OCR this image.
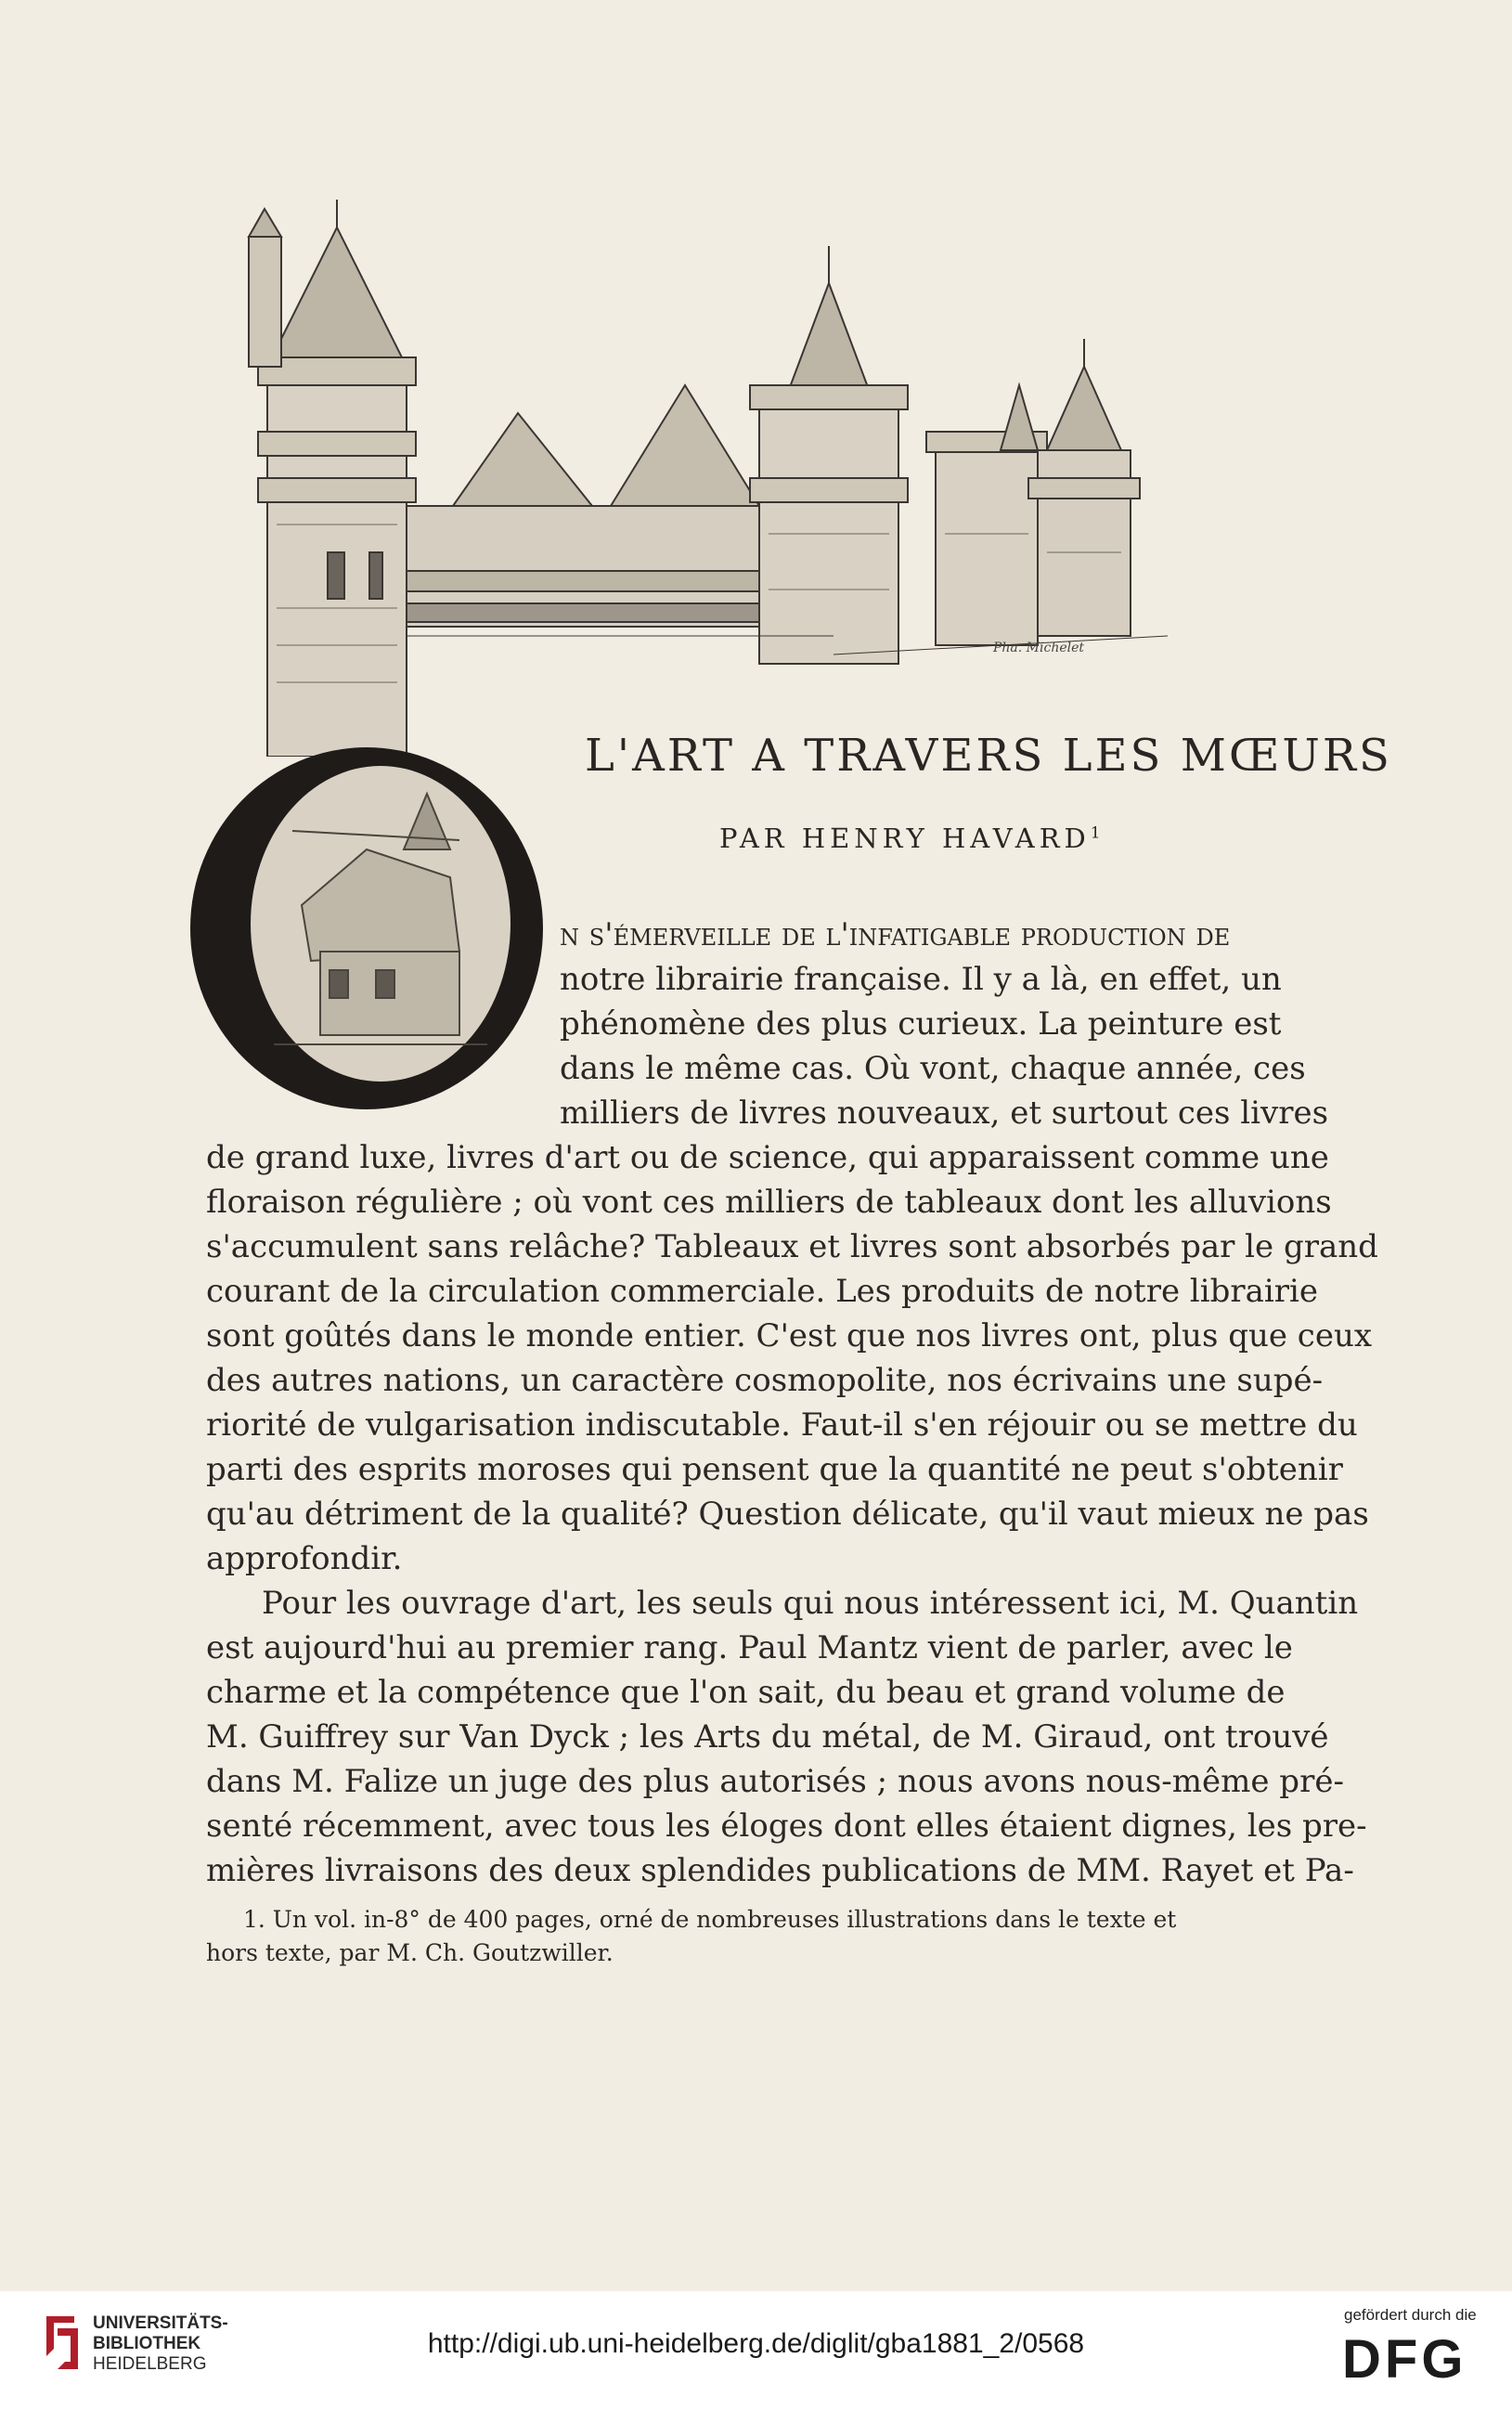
Pha. Michelet
L'ART A TRAVERS LES MŒURS
PAR HENRY HAVARD$^1$
n s'émerveille de l'infatigable production de
notre librairie française. Il y a là, en effet, un
phénomène des plus curieux. La peinture est
dans le même cas. Où vont, chaque année, ces
milliers de livres nouveaux, et surtout ces livres
de grand luxe, livres d'art ou de science, qui apparaissent comme une
floraison régulière ; où vont ces milliers de tableaux dont les alluvions
s'accumulent sans relâche? Tableaux et livres sont absorbés par le grand
courant de la circulation commerciale. Les produits de notre librairie
sont goûtés dans le monde entier. C'est que nos livres ont, plus que ceux
des autres nations, un caractère cosmopolite, nos écrivains une supé-
riorité de vulgarisation indiscutable. Faut-il s'en réjouir ou se mettre du
parti des esprits moroses qui pensent que la quantité ne peut s'obtenir
qu'au détriment de la qualité? Question délicate, qu'il vaut mieux ne pas
approfondir.
Pour les ouvrage d'art, les seuls qui nous intéressent ici, M. Quantin
est aujourd'hui au premier rang. Paul Mantz vient de parler, avec le
charme et la compétence que l'on sait, du beau et grand volume de
M. Guiffrey sur Van Dyck ; les Arts du métal, de M. Giraud, ont trouvé
dans M. Falize un juge des plus autorisés ; nous avons nous-même pré-
senté récemment, avec tous les éloges dont elles étaient dignes, les pre-
mières livraisons des deux splendides publications de MM. Rayet et Pa-
1. Un vol. in-8° de 400 pages, orné de nombreuses illustrations dans le texte et
hors texte, par M. Ch. Goutzwiller.
UNIVERSITÄTS-
BIBLIOTHEK
HEIDELBERG
http://digi.ub.uni-heidelberg.de/diglit/gba1881_2/0568
gefördert durch die
DFG
